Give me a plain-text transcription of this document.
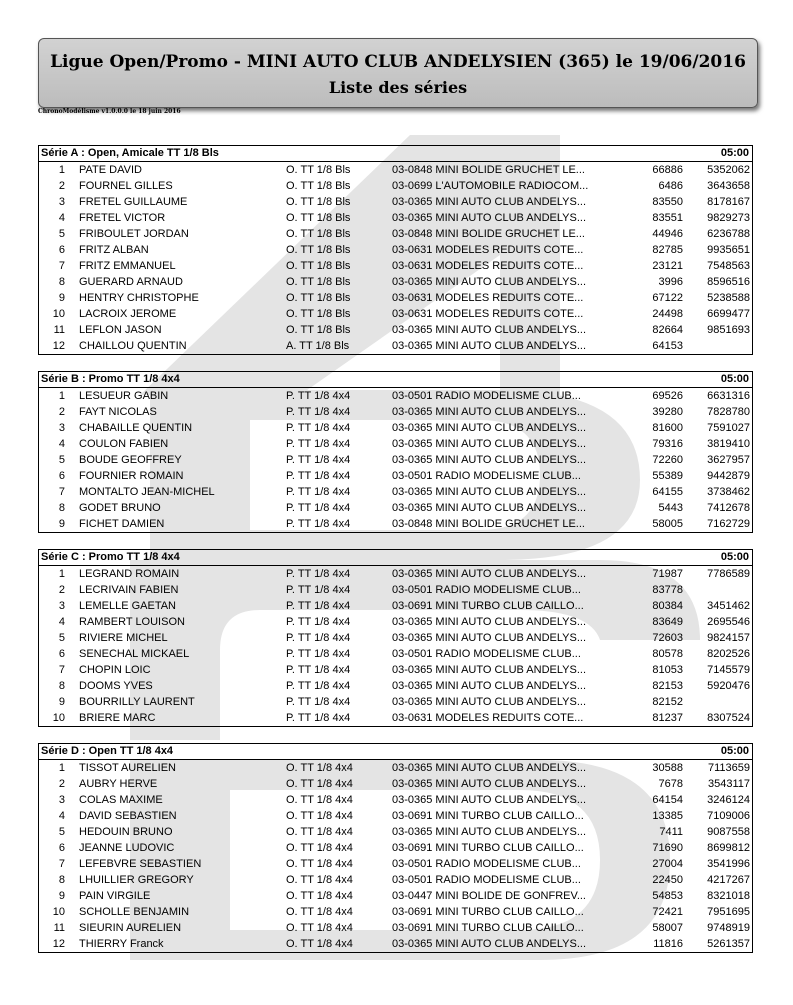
Ligue Open/Promo - MINI AUTO CLUB ANDELYSIEN (365) le 19/06/2016
Liste des séries
ChronoModélisme v1.0.0.0 le 18 juin 2016
Série A : Open, Amicale TT 1/8 Bls	05:00
1 PATE DAVID	O. TT 1/8 Bls	03-0848 MINI BOLIDE GRUCHET LE...	66886	5352062
2 FOURNEL GILLES	O. TT 1/8 Bls	03-0699 L'AUTOMOBILE RADIOCOM...	6486	3643658
3 FRETEL GUILLAUME	O. TT 1/8 Bls	03-0365 MINI AUTO CLUB ANDELYS...	83550	8178167
4 FRETEL VICTOR	O. TT 1/8 Bls	03-0365 MINI AUTO CLUB ANDELYS...	83551	9829273
5 FRIBOULET JORDAN	O. TT 1/8 Bls	03-0848 MINI BOLIDE GRUCHET LE...	44946	6236788
6 FRITZ ALBAN	O. TT 1/8 Bls	03-0631 MODELES REDUITS COTE...	82785	9935651
7 FRITZ EMMANUEL	O. TT 1/8 Bls	03-0631 MODELES REDUITS COTE...	23121	7548563
8 GUERARD ARNAUD	O. TT 1/8 Bls	03-0365 MINI AUTO CLUB ANDELYS...	3996	8596516
9 HENTRY CHRISTOPHE	O. TT 1/8 Bls	03-0631 MODELES REDUITS COTE...	67122	5238588
10 LACROIX JEROME	O. TT 1/8 Bls	03-0631 MODELES REDUITS COTE...	24498	6699477
11 LEFLON JASON	O. TT 1/8 Bls	03-0365 MINI AUTO CLUB ANDELYS...	82664	9851693
12 CHAILLOU QUENTIN	A. TT 1/8 Bls	03-0365 MINI AUTO CLUB ANDELYS...	64153
Série B : Promo TT 1/8 4x4	05:00
1 LESUEUR GABIN	P. TT 1/8 4x4	03-0501 RADIO MODELISME CLUB...	69526	6631316
2 FAYT NICOLAS	P. TT 1/8 4x4	03-0365 MINI AUTO CLUB ANDELYS...	39280	7828780
3 CHABAILLE QUENTIN	P. TT 1/8 4x4	03-0365 MINI AUTO CLUB ANDELYS...	81600	7591027
4 COULON FABIEN	P. TT 1/8 4x4	03-0365 MINI AUTO CLUB ANDELYS...	79316	3819410
5 BOUDE GEOFFREY	P. TT 1/8 4x4	03-0365 MINI AUTO CLUB ANDELYS...	72260	3627957
6 FOURNIER ROMAIN	P. TT 1/8 4x4	03-0501 RADIO MODELISME CLUB...	55389	9442879
7 MONTALTO JEAN-MICHEL	P. TT 1/8 4x4	03-0365 MINI AUTO CLUB ANDELYS...	64155	3738462
8 GODET BRUNO	P. TT 1/8 4x4	03-0365 MINI AUTO CLUB ANDELYS...	5443	7412678
9 FICHET DAMIEN	P. TT 1/8 4x4	03-0848 MINI BOLIDE GRUCHET LE...	58005	7162729
Série C : Promo TT 1/8 4x4	05:00
1 LEGRAND ROMAIN	P. TT 1/8 4x4	03-0365 MINI AUTO CLUB ANDELYS...	71987	7786589
2 LECRIVAIN FABIEN	P. TT 1/8 4x4	03-0501 RADIO MODELISME CLUB...	83778
3 LEMELLE GAETAN	P. TT 1/8 4x4	03-0691 MINI TURBO CLUB CAILLO...	80384	3451462
4 RAMBERT LOUISON	P. TT 1/8 4x4	03-0365 MINI AUTO CLUB ANDELYS...	83649	2695546
5 RIVIERE MICHEL	P. TT 1/8 4x4	03-0365 MINI AUTO CLUB ANDELYS...	72603	9824157
6 SENECHAL MICKAEL	P. TT 1/8 4x4	03-0501 RADIO MODELISME CLUB...	80578	8202526
7 CHOPIN LOIC	P. TT 1/8 4x4	03-0365 MINI AUTO CLUB ANDELYS...	81053	7145579
8 DOOMS YVES	P. TT 1/8 4x4	03-0365 MINI AUTO CLUB ANDELYS...	82153	5920476
9 BOURRILLY LAURENT	P. TT 1/8 4x4	03-0365 MINI AUTO CLUB ANDELYS...	82152
10 BRIERE MARC	P. TT 1/8 4x4	03-0631 MODELES REDUITS COTE...	81237	8307524
Série D : Open TT 1/8 4x4	05:00
1 TISSOT AURELIEN	O. TT 1/8 4x4	03-0365 MINI AUTO CLUB ANDELYS...	30588	7113659
2 AUBRY HERVE	O. TT 1/8 4x4	03-0365 MINI AUTO CLUB ANDELYS...	7678	3543117
3 COLAS MAXIME	O. TT 1/8 4x4	03-0365 MINI AUTO CLUB ANDELYS...	64154	3246124
4 DAVID SEBASTIEN	O. TT 1/8 4x4	03-0691 MINI TURBO CLUB CAILLO...	13385	7109006
5 HEDOUIN BRUNO	O. TT 1/8 4x4	03-0365 MINI AUTO CLUB ANDELYS...	7411	9087558
6 JEANNE LUDOVIC	O. TT 1/8 4x4	03-0691 MINI TURBO CLUB CAILLO...	71690	8699812
7 LEFEBVRE SEBASTIEN	O. TT 1/8 4x4	03-0501 RADIO MODELISME CLUB...	27004	3541996
8 LHUILLIER GREGORY	O. TT 1/8 4x4	03-0501 RADIO MODELISME CLUB...	22450	4217267
9 PAIN VIRGILE	O. TT 1/8 4x4	03-0447 MINI BOLIDE DE GONFREV...	54853	8321018
10 SCHOLLE BENJAMIN	O. TT 1/8 4x4	03-0691 MINI TURBO CLUB CAILLO...	72421	7951695
11 SIEURIN AURELIEN	O. TT 1/8 4x4	03-0691 MINI TURBO CLUB CAILLO...	58007	9748919
12 THIERRY Franck	O. TT 1/8 4x4	03-0365 MINI AUTO CLUB ANDELYS...	11816	5261357
